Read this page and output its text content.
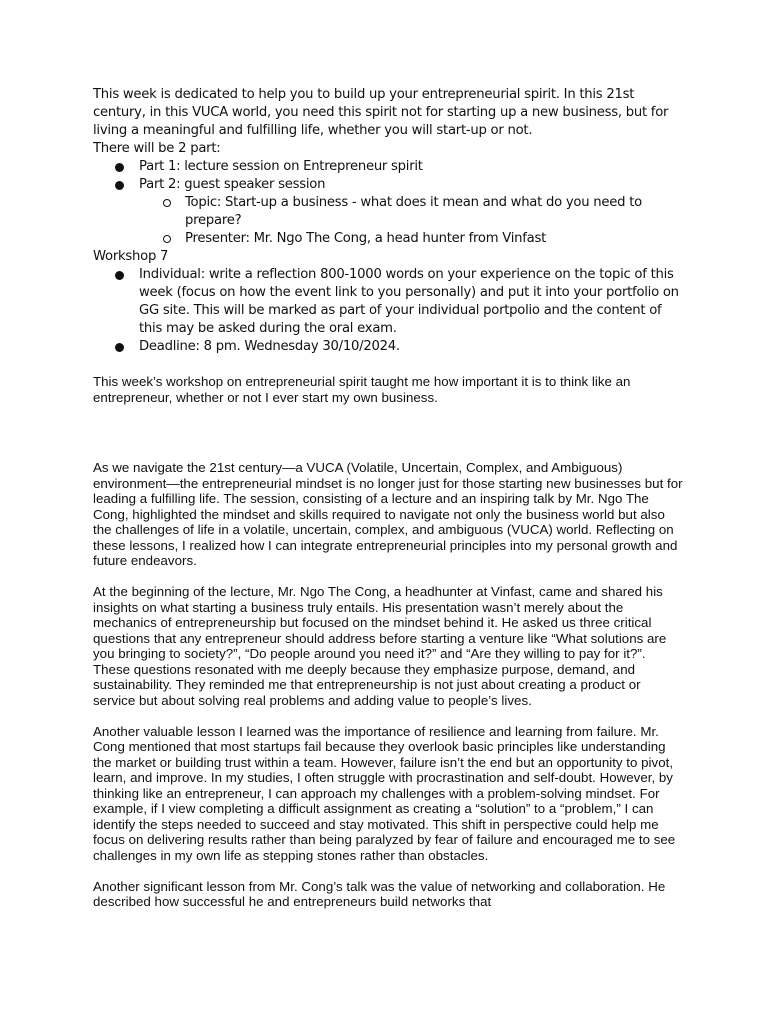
This week is dedicated to help you to build up your entrepreneurial spirit. In this 21st century, in this VUCA world, you need this spirit not for starting up a new business, but for living a meaningful and fulfilling life, whether you will start-up or not.

There will be 2 part:

Part 1: lecture session on Entrepreneur spirit
Part 2: guest speaker session
Topic: Start-up a business - what does it mean and what do you need to prepare?
Presenter: Mr. Ngo The Cong, a head hunter from Vinfast

Workshop 7

Individual: write a reflection 800-1000 words on your experience on the topic of this week (focus on how the event link to you personally) and put it into your portfolio on GG site. This will be marked as part of your individual portpolio and the content of this may be asked during the oral exam.
Deadline: 8 pm. Wednesday 30/10/2024.

This week’s workshop on entrepreneurial spirit taught me how important it is to think like an entrepreneur, whether or not I ever start my own business.

As we navigate the 21st century—a VUCA (Volatile, Uncertain, Complex, and Ambiguous) environment—the entrepreneurial mindset is no longer just for those starting new businesses but for leading a fulfilling life. The session, consisting of a lecture and an inspiring talk by Mr. Ngo The Cong, highlighted the mindset and skills required to navigate not only the business world but also the challenges of life in a volatile, uncertain, complex, and ambiguous (VUCA) world. Reflecting on these lessons, I realized how I can integrate entrepreneurial principles into my personal growth and future endeavors.

At the beginning of the lecture, Mr. Ngo The Cong, a headhunter at Vinfast, came and shared his insights on what starting a business truly entails. His presentation wasn’t merely about the mechanics of entrepreneurship but focused on the mindset behind it. He asked us three critical questions that any entrepreneur should address before starting a venture like “What solutions are you bringing to society?”, “Do people around you need it?” and “Are they willing to pay for it?”. These questions resonated with me deeply because they emphasize purpose, demand, and sustainability. They reminded me that entrepreneurship is not just about creating a product or service but about solving real problems and adding value to people’s lives.

Another valuable lesson I learned was the importance of resilience and learning from failure. Mr. Cong mentioned that most startups fail because they overlook basic principles like understanding the market or building trust within a team. However, failure isn’t the end but an opportunity to pivot, learn, and improve. In my studies, I often struggle with procrastination and self-doubt. However, by thinking like an entrepreneur, I can approach my challenges with a problem-solving mindset. For example, if I view completing a difficult assignment as creating a “solution” to a “problem,” I can identify the steps needed to succeed and stay motivated. This shift in perspective could help me focus on delivering results rather than being paralyzed by fear of failure and encouraged me to see challenges in my own life as stepping stones rather than obstacles.

Another significant lesson from Mr. Cong’s talk was the value of networking and collaboration. He described how successful he and entrepreneurs build networks that
